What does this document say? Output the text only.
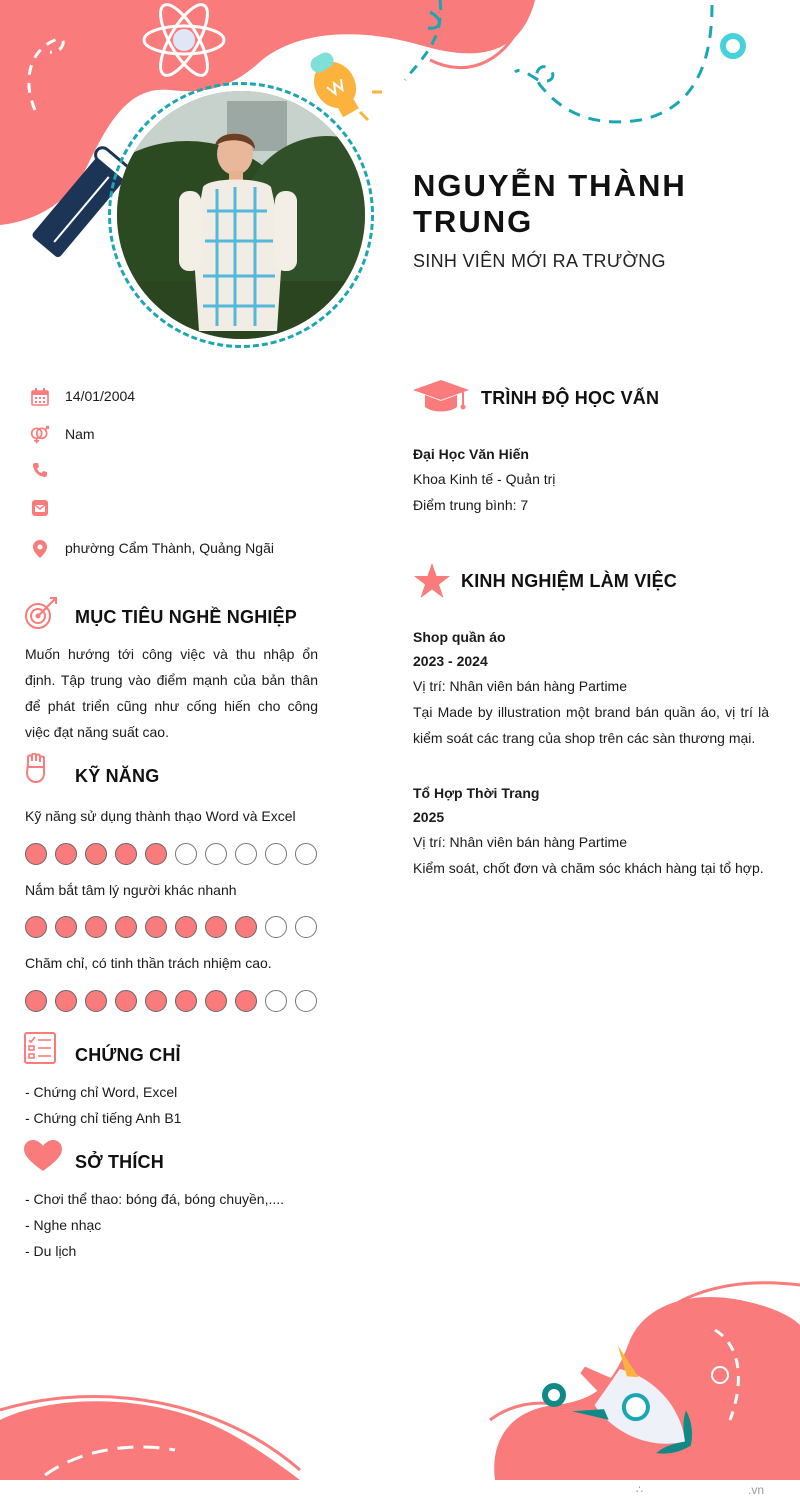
NGUYỄN THÀNH TRUNG
SINH VIÊN MỚI RA TRƯỜNG
14/01/2004
Nam
phường Cẩm Thành, Quảng Ngãi
MỤC TIÊU NGHỀ NGHIỆP
Muốn hướng tới công việc và thu nhập ổn định. Tập trung vào điểm mạnh của bản thân để phát triển cũng như cống hiến cho công việc đạt năng suất cao.
KỸ NĂNG
Kỹ năng sử dụng thành thạo Word và Excel
Nắm bắt tâm lý người khác nhanh
Chăm chỉ, có tinh thần trách nhiệm cao.
CHỨNG CHỈ
- Chứng chỉ Word, Excel
- Chứng chỉ tiếng Anh B1
SỞ THÍCH
- Chơi thể thao: bóng đá, bóng chuyền,....
- Nghe nhạc
- Du lịch
TRÌNH ĐỘ HỌC VẤN
Đại Học Văn Hiến
Khoa Kinh tế - Quản trị
Điểm trung bình: 7
KINH NGHIỆM LÀM VIỆC
Shop quần áo
2023 - 2024
Vị trí: Nhân viên bán hàng Partime
Tại Made by illustration một brand bán quần áo, vị trí là kiểm soát các trang của shop trên các sàn thương mại.
Tổ Hợp Thời Trang
2025
Vị trí: Nhân viên bán hàng Partime
Kiểm soát, chốt đơn và chăm sóc khách hàng tại tổ hợp.
∴	.vn
